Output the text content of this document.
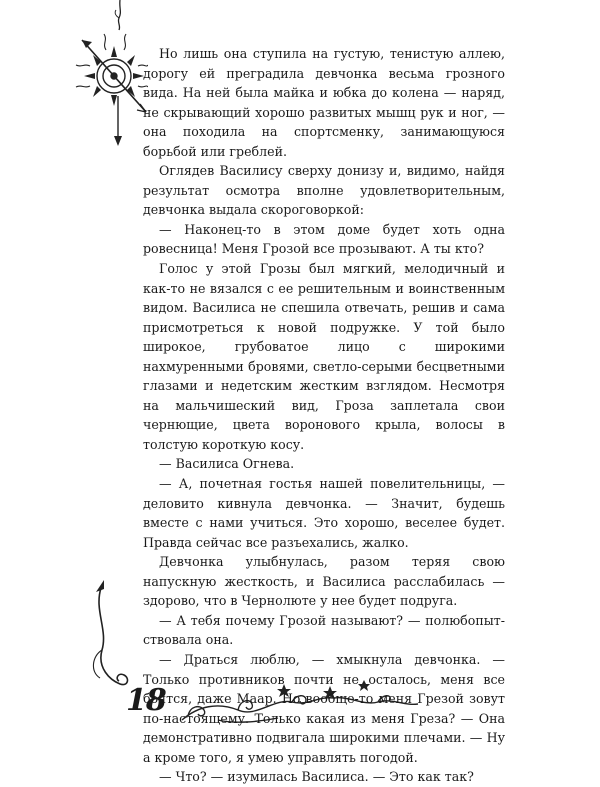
18

Но лишь она ступила на густую, тенистую аллею, дорогу ей преградила девчонка весьма грозного вида. На ней была майка и юбка до колена — наряд, не скрывающий хорошо развитых мышц рук и ног, — она походила на спортсменку, занимающуюся борьбой или греблей.

Оглядев Василису сверху донизу и, видимо, найдя результат осмотра вполне удовлетворительным, девчонка выдала скороговоркой:

— Наконец-то в этом доме будет хоть одна ровесница! Меня Грозой все прозывают. А ты кто?

Голос у этой Грозы был мягкий, мелодичный и как-то не вязался с ее решительным и воинственным видом. Василиса не спешила отвечать, решив и сама присмотреться к новой подружке. У той было широкое, грубоватое лицо с широкими нахмуренными бровями, светло-серыми бесцветными глазами и недетским жестким взглядом. Несмотря на мальчишеский вид, Гроза заплетала свои чернющие, цвета воронового крыла, волосы в толстую короткую косу.

— Василиса Огнева.

— А, почетная гостья нашей повелительницы, — деловито кивнула девчонка. — Значит, будешь вместе с нами учиться. Это хорошо, веселее будет. Правда сейчас все разъехались, жалко.

Девчонка улыбнулась, разом теряя свою напускную жесткость, и Василиса расслабилась — здорово, что в Чернолюте у нее будет подруга.

— А тебя почему Грозой называют? — полюбопытствовала она.

— Драться люблю, — хмыкнула девчонка. — Только противников почти не осталось, меня все боятся, даже Маар. Но вообще-то меня Грезой зовут по-настоящему. Только какая из меня Греза? — Она демонстративно подвигала широкими плечами. — Ну а кроме того, я умею управлять погодой.

— Что? — изумилась Василиса. — Это как так?
